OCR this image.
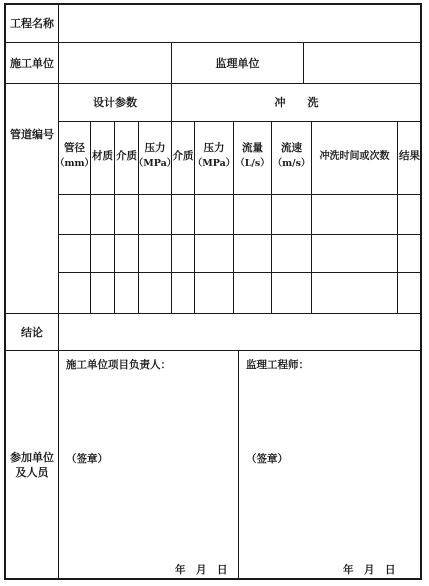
工程名称
施工单位	监理单位
管道编号
设计参数	冲　　洗
管径
（mm）
材质 介质
压力
（MPa）
介质
压力
（MPa）
流量
（L/s）
流速
（m/s）
冲洗时间或次数 结果
结论
参加单位
及人员
施工单位项目负责人：
（签章）
年　月　日
监理工程师：
（签章）
年　月　日
